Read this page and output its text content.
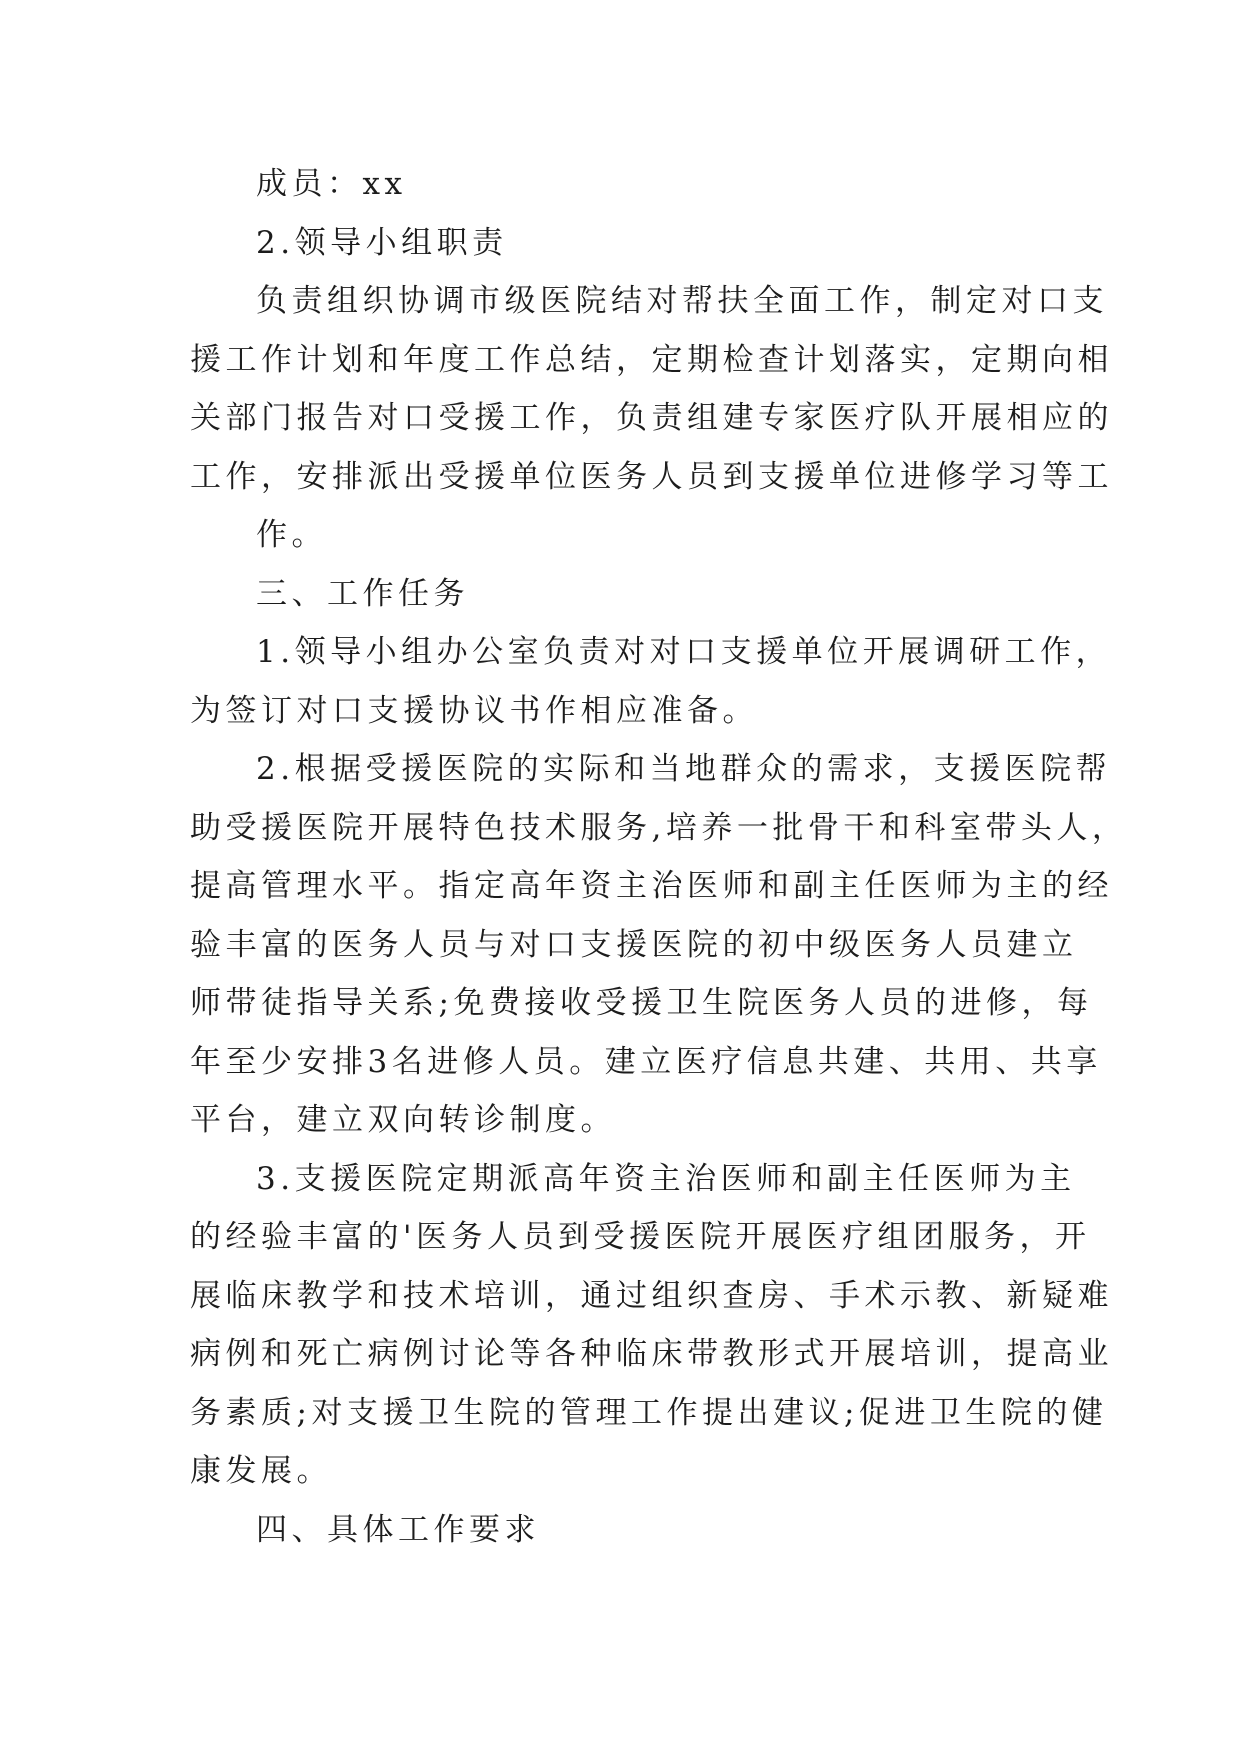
成员：xx
2.领导小组职责
负责组织协调市级医院结对帮扶全面工作，制定对口支
援工作计划和年度工作总结，定期检查计划落实，定期向相
关部门报告对口受援工作，负责组建专家医疗队开展相应的
工作，安排派出受援单位医务人员到支援单位进修学习等工
作。
三、工作任务
1.领导小组办公室负责对对口支援单位开展调研工作，
为签订对口支援协议书作相应准备。
2.根据受援医院的实际和当地群众的需求，支援医院帮
助受援医院开展特色技术服务,培养一批骨干和科室带头人，
提高管理水平。指定高年资主治医师和副主任医师为主的经
验丰富的医务人员与对口支援医院的初中级医务人员建立
师带徒指导关系;免费接收受援卫生院医务人员的进修，每
年至少安排3名进修人员。建立医疗信息共建、共用、共享
平台，建立双向转诊制度。
3.支援医院定期派高年资主治医师和副主任医师为主
的经验丰富的'医务人员到受援医院开展医疗组团服务，开
展临床教学和技术培训，通过组织查房、手术示教、新疑难
病例和死亡病例讨论等各种临床带教形式开展培训，提高业
务素质;对支援卫生院的管理工作提出建议;促进卫生院的健
康发展。
四、具体工作要求
